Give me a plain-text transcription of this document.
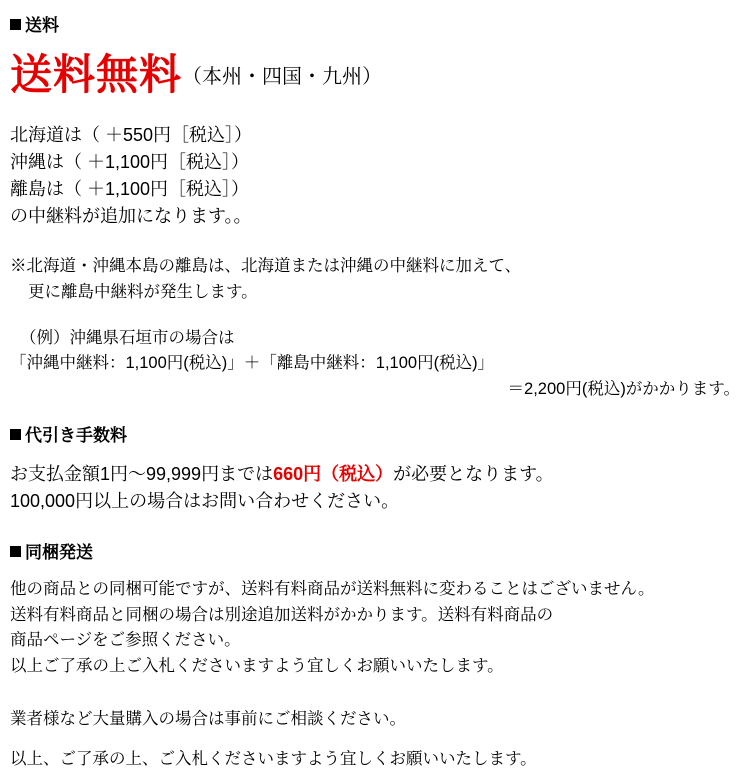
送料
送料無料（本州・四国・九州）
北海道は（ ＋550円［税込］）
沖縄は（ ＋1,100円［税込］）
離島は（ ＋1,100円［税込］）
の中継料が追加になります。。
※北海道・沖縄本島の離島は、北海道または沖縄の中継料に加えて、
更に離島中継料が発生します。
（例）沖縄県石垣市の場合は
「沖縄中継料：1,100円(税込)」＋「離島中継料：1,100円(税込)」
＝2,200円(税込)がかかります。
代引き手数料
お支払金額1円〜99,999円までは660円（税込）が必要となります。
100,000円以上の場合はお問い合わせください。
同梱発送
他の商品との同梱可能ですが、送料有料商品が送料無料に変わることはございません。
送料有料商品と同梱の場合は別途追加送料がかかります。送料有料商品の
商品ページをご参照ください。
以上ご了承の上ご入札くださいますよう宜しくお願いいたします。
業者様など大量購入の場合は事前にご相談ください。
以上、ご了承の上、ご入札くださいますよう宜しくお願いいたします。
